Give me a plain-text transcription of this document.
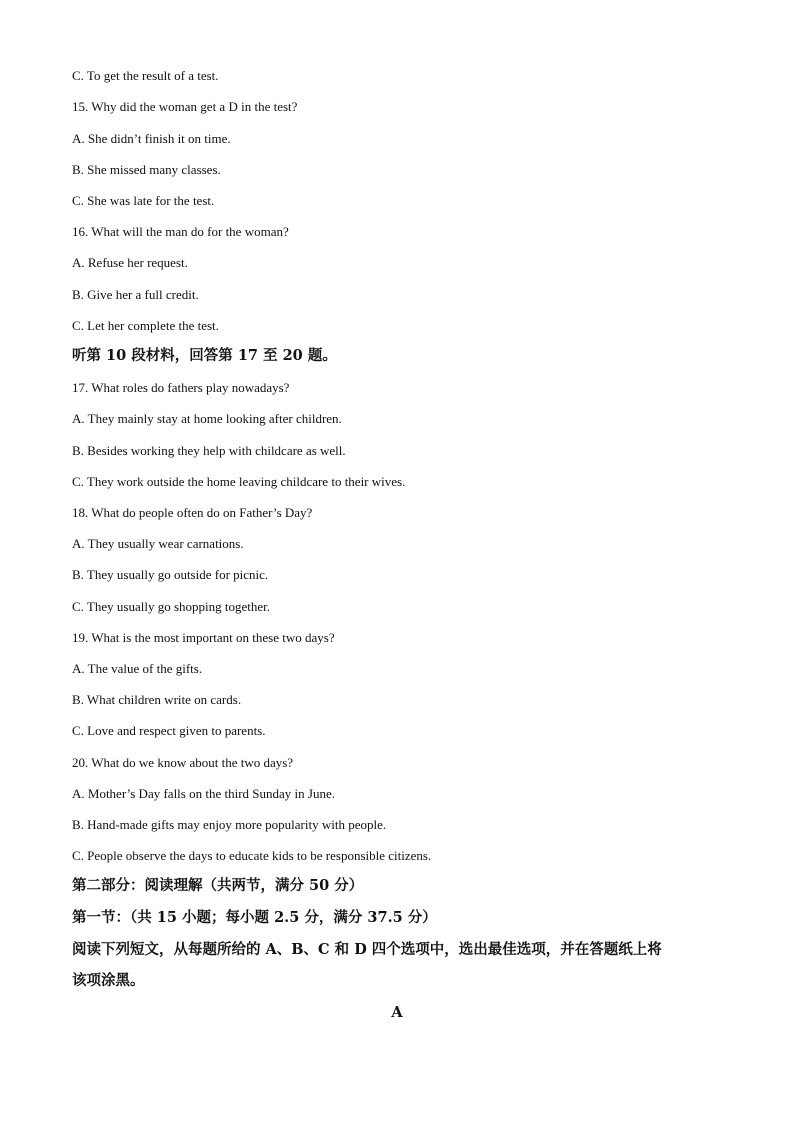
C. To get the result of a test.
15. Why did the woman get a D in the test?
A. She didn’t finish it on time.
B. She missed many classes.
C. She was late for the test.
16. What will the man do for the woman?
A. Refuse her request.
B. Give her a full credit.
C. Let her complete the test.
听第 10 段材料，回答第 17 至 20 题。
17. What roles do fathers play nowadays?
A. They mainly stay at home looking after children.
B. Besides working they help with childcare as well.
C. They work outside the home leaving childcare to their wives.
18. What do people often do on Father’s Day?
A. They usually wear carnations.
B. They usually go outside for picnic.
C. They usually go shopping together.
19. What is the most important on these two days?
A. The value of the gifts.
B. What children write on cards.
C. Love and respect given to parents.
20. What do we know about the two days?
A. Mother’s Day falls on the third Sunday in June.
B. Hand-made gifts may enjoy more popularity with people.
C. People observe the days to educate kids to be responsible citizens.
第二部分：阅读理解（共两节，满分 50 分）
第一节：（共 15 小题；每小题 2.5 分，满分 37.5 分）
阅读下列短文，从每题所给的 A、B、C 和 D 四个选项中，选出最佳选项，并在答题纸上将
该项涂黑。
A
